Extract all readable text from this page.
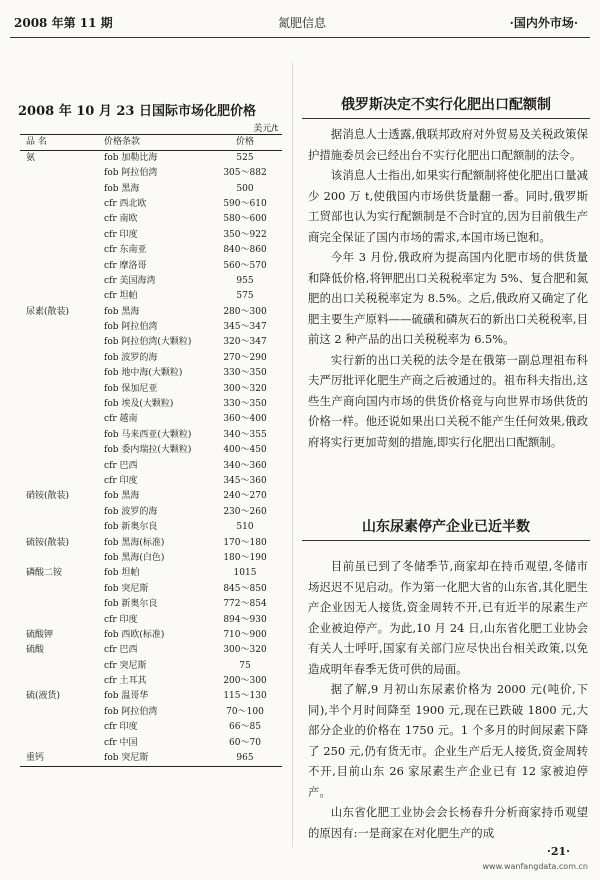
2008 年第 11 期	氮肥信息	·国内外市场·
2008 年 10 月 23 日国际市场化肥价格
美元/t
品 名	价格条款	价格
氨	fob 加勒比海	525
	fob 阿拉伯湾	305～882
	fob 黑海	500
	cfr 西北欧	590～610
	cfr 南欧	580～600
	cfr 印度	350～922
	cfr 东南亚	840～860
	cfr 摩洛哥	560～570
	cfr 美国海湾	955
	cfr 坦帕	575
尿素(散装)	fob 黑海	280～300
	fob 阿拉伯湾	345～347
	fob 阿拉伯湾(大颗粒)	320～347
	fob 波罗的海	270～290
	fob 地中海(大颗粒)	330～350
	fob 保加尼亚	300～320
	fob 埃及(大颗粒)	330～350
	cfr 越南	360～400
	fob 马来西亚(大颗粒)	340～355
	fob 委内瑞拉(大颗粒)	400～450
	cfr 巴西	340～360
	cfr 印度	345～360
硝铵(散装)	fob 黑海	240～270
	fob 波罗的海	230～260
	fob 新奥尔良	510
硫铵(散装)	fob 黑海(标准)	170～180
	fob 黑海(白色)	180～190
磷酸二铵	fob 坦帕	1015
	fob 突尼斯	845～850
	fob 新奥尔良	772～854
	cfr 印度	894～930
硫酸钾	fob 西欧(标准)	710～900
硫酸	cfr 巴西	300～320
	cfr 突尼斯	75
	cfr 土耳其	200～300
硫(液货)	fob 温哥华	115～130
	fob 阿拉伯湾	70～100
	cfr 印度	66～85
	cfr 中国	60～70
重钙	fob 突尼斯	965
俄罗斯决定不实行化肥出口配额制

据消息人士透露,俄联邦政府对外贸易及关税政策保护措施委员会已经出台不实行化肥出口配额制的法令。

该消息人士指出,如果实行配额制将使化肥出口量减少 200 万 t,使俄国内市场供货量翻一番。同时,俄罗斯工贸部也认为实行配额制是不合时宜的,因为目前俄生产商完全保证了国内市场的需求,本国市场已饱和。

今年 3 月份,俄政府为提高国内化肥市场的供货量和降低价格,将钾肥出口关税税率定为 5%、复合肥和氮肥的出口关税税率定为 8.5%。之后,俄政府又确定了化肥主要生产原料——硫磺和磷灰石的新出口关税税率,目前这 2 种产品的出口关税税率为 6.5%。

实行新的出口关税的法令是在俄第一副总理祖布科夫严厉批评化肥生产商之后被通过的。祖布科夫指出,这些生产商向国内市场的供货价格竞与向世界市场供货的价格一样。他还说如果出口关税不能产生任何效果,俄政府将实行更加苛刻的措施,即实行化肥出口配额制。

山东尿素停产企业已近半数

目前虽已到了冬储季节,商家却在持币观望,冬储市场迟迟不见启动。作为第一化肥大省的山东省,其化肥生产企业因无人接货,资金周转不开,已有近半的尿素生产企业被迫停产。为此,10 月 24 日,山东省化肥工业协会有关人士呼吁,国家有关部门应尽快出台相关政策,以免造成明年春季无货可供的局面。

据了解,9 月初山东尿素价格为 2000 元(吨价,下同),半个月时间降至 1900 元,现在已跌破 1800 元,大部分企业的价格在 1750 元。1 个多月的时间尿素下降了 250 元,仍有货无市。企业生产后无人接货,资金周转不开,目前山东 26 家尿素生产企业已有 12 家被迫停产。

山东省化肥工业协会会长杨春升分析商家持币观望的原因有:一是商家在对化肥生产的成

·21·
www.wanfangdata.com.cn
